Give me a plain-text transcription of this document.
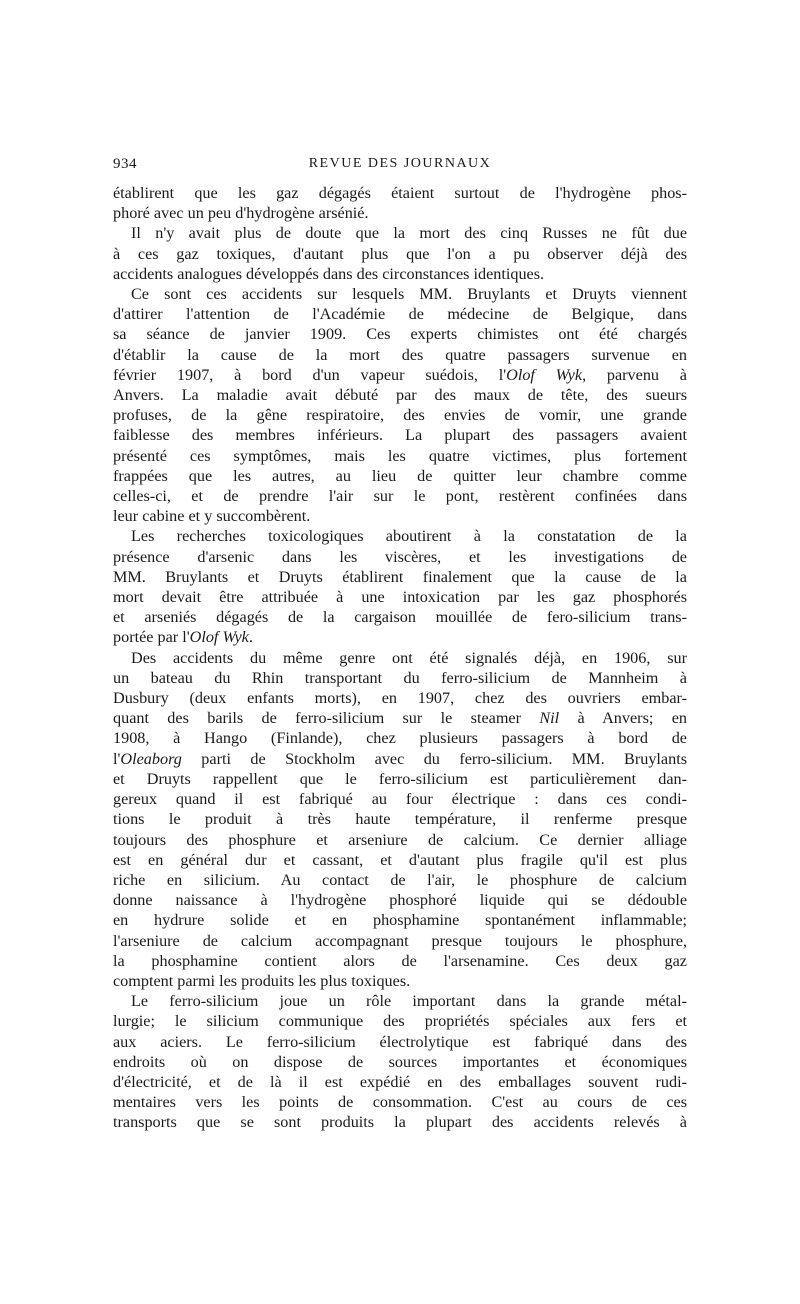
934	REVUE DES JOURNAUX

établirent que les gaz dégagés étaient surtout de l'hydrogène phos-
phoré avec un peu d'hydrogène arsénié.

Il n'y avait plus de doute que la mort des cinq Russes ne fût due
à ces gaz toxiques, d'autant plus que l'on a pu observer déjà des
accidents analogues développés dans des circonstances identiques.

Ce sont ces accidents sur lesquels MM. Bruylants et Druyts viennent
d'attirer l'attention de l'Académie de médecine de Belgique, dans
sa séance de janvier 1909. Ces experts chimistes ont été chargés
d'établir la cause de la mort des quatre passagers survenue en
février 1907, à bord d'un vapeur suédois, l'Olof Wyk, parvenu à
Anvers. La maladie avait débuté par des maux de tête, des sueurs
profuses, de la gêne respiratoire, des envies de vomir, une grande
faiblesse des membres inférieurs. La plupart des passagers avaient
présenté ces symptômes, mais les quatre victimes, plus fortement
frappées que les autres, au lieu de quitter leur chambre comme
celles-ci, et de prendre l'air sur le pont, restèrent confinées dans
leur cabine et y succombèrent.

Les recherches toxicologiques aboutirent à la constatation de la
présence d'arsenic dans les viscères, et les investigations de
MM. Bruylants et Druyts établirent finalement que la cause de la
mort devait être attribuée à une intoxication par les gaz phosphorés
et arseniés dégagés de la cargaison mouillée de fero-silicium trans-
portée par l'Olof Wyk.

Des accidents du même genre ont été signalés déjà, en 1906, sur
un bateau du Rhin transportant du ferro-silicium de Mannheim à
Dusbury (deux enfants morts), en 1907, chez des ouvriers embar-
quant des barils de ferro-silicium sur le steamer Nil à Anvers; en
1908, à Hango (Finlande), chez plusieurs passagers à bord de
l'Oleaborg parti de Stockholm avec du ferro-silicium. MM. Bruylants
et Druyts rappellent que le ferro-silicium est particulièrement dan-
gereux quand il est fabriqué au four électrique : dans ces condi-
tions le produit à très haute température, il renferme presque
toujours des phosphure et arseniure de calcium. Ce dernier alliage
est en général dur et cassant, et d'autant plus fragile qu'il est plus
riche en silicium. Au contact de l'air, le phosphure de calcium
donne naissance à l'hydrogène phosphoré liquide qui se dédouble
en hydrure solide et en phosphamine spontanément inflammable;
l'arseniure de calcium accompagnant presque toujours le phosphure,
la phosphamine contient alors de l'arsenamine. Ces deux gaz
comptent parmi les produits les plus toxiques.

Le ferro-silicium joue un rôle important dans la grande métal-
lurgie; le silicium communique des propriétés spéciales aux fers et
aux aciers. Le ferro-silicium électrolytique est fabriqué dans des
endroits où on dispose de sources importantes et économiques
d'électricité, et de là il est expédié en des emballages souvent rudi-
mentaires vers les points de consommation. C'est au cours de ces
transports que se sont produits la plupart des accidents relevés à
